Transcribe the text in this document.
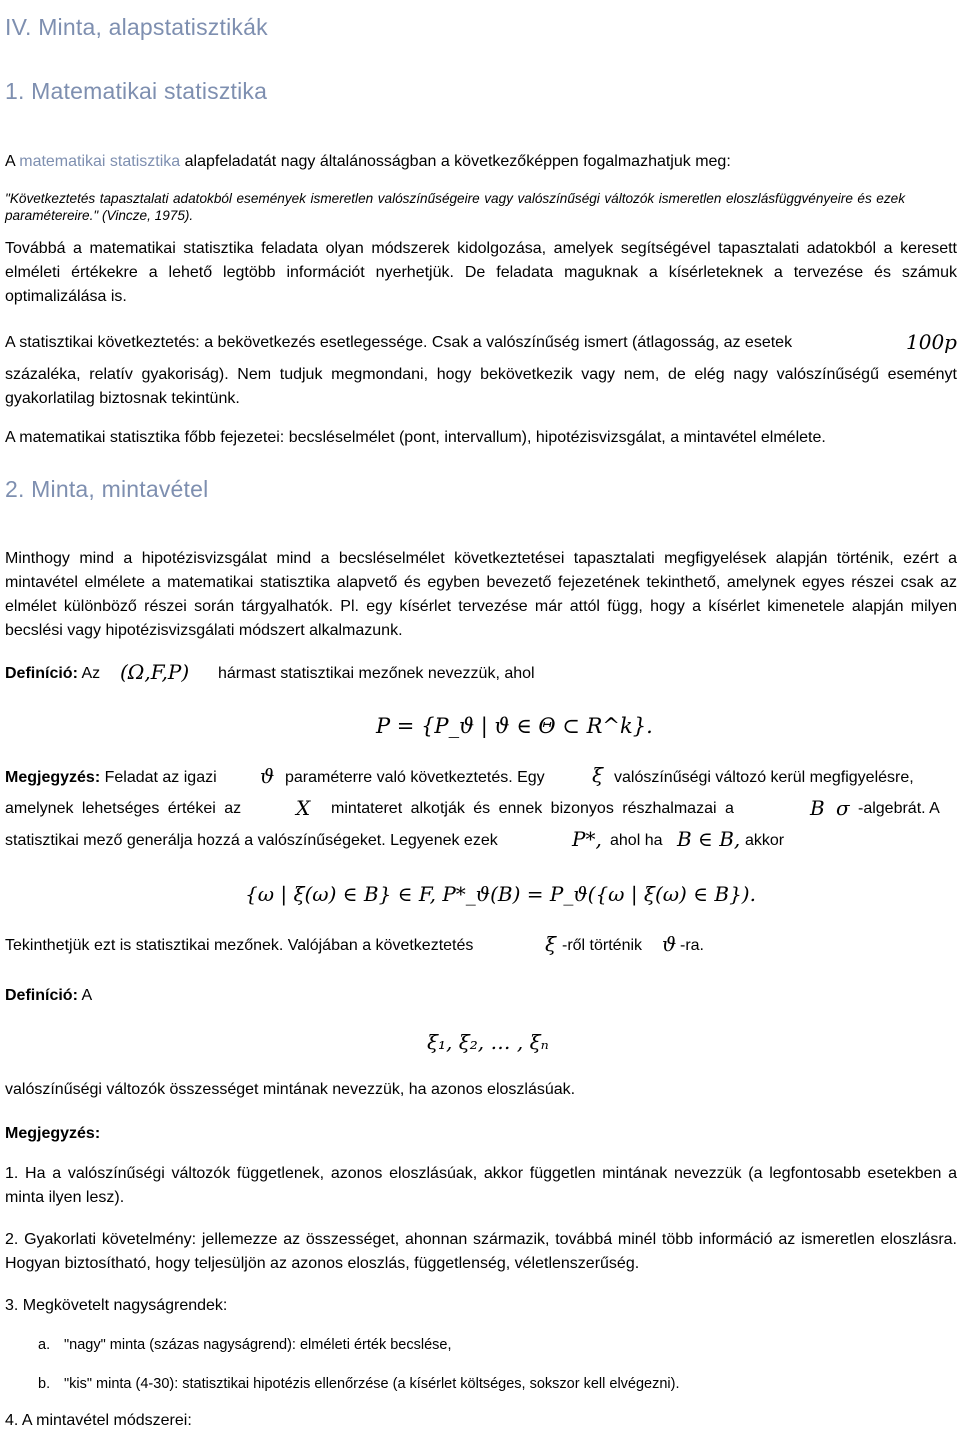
IV. Minta, alapstatisztikák
1. Matematikai statisztika
A matematikai statisztika alapfeladatát nagy általánosságban a következőképpen fogalmazhatjuk meg:
"Következtetés tapasztalati adatokból események ismeretlen valószínűségeire vagy valószínűségi változók ismeretlen eloszlásfüggvényeire és ezek paramétereire." (Vincze, 1975).
Továbbá a matematikai statisztika feladata olyan módszerek kidolgozása, amelyek segítségével tapasztalati adatokból a keresett elméleti értékekre a lehető legtöbb információt nyerhetjük. De feladata maguknak a kísérleteknek a tervezése és számuk optimalizálása is.
A statisztikai következtetés: a bekövetkezés esetlegessége. Csak a valószínűség ismert (átlagosság, az esetek	100p
százaléka, relatív gyakoriság). Nem tudjuk megmondani, hogy bekövetkezik vagy nem, de elég nagy valószínűségű eseményt gyakorlatilag biztosnak tekintünk.
A matematikai statisztika főbb fejezetei: becsléselmélet (pont, intervallum), hipotézisvizsgálat, a mintavétel elmélete.
2. Minta, mintavétel
Minthogy mind a hipotézisvizsgálat mind a becsléselmélet következtetései tapasztalati megfigyelések alapján történik, ezért a mintavétel elmélete a matematikai statisztika alapvető és egyben bevezető fejezetének tekinthető, amelynek egyes részei csak az elmélet különböző részei során tárgyalhatók. Pl. egy kísérlet tervezése már attól függ, hogy a kísérlet kimenetele alapján milyen becslési vagy hipotézisvizsgálati módszert alkalmazunk.
Definíció: Az (Ω,F,P) hármast statisztikai mezőnek nevezzük, ahol
P = {P_ϑ | ϑ ∈ Θ ⊂ R^k}.
Megjegyzés: Feladat az igazi ϑ paraméterre való következtetés. Egy ξ valószínűségi változó kerül megfigyelésre,
amelynek lehetséges értékei az	X mintateret alkotják és ennek bizonyos részhalmazai a	B σ -algebrát. A
statisztikai mező generálja hozzá a valószínűségeket. Legyenek ezek	P*, ahol ha B ∈ B, akkor
{ω | ξ(ω) ∈ B} ∈ F, P*_ϑ(B) = P_ϑ({ω | ξ(ω) ∈ B}).
Tekinthetjük ezt is statisztikai mezőnek. Valójában a következtetés	ξ -ről történik ϑ -ra.
Definíció: A
ξ₁, ξ₂, … , ξₙ
valószínűségi változók összességet mintának nevezzük, ha azonos eloszlásúak.
Megjegyzés:
1. Ha a valószínűségi változók függetlenek, azonos eloszlásúak, akkor független mintának nevezzük (a legfontosabb esetekben a minta ilyen lesz).
2. Gyakorlati követelmény: jellemezze az összességet, ahonnan származik, továbbá minél több információ az ismeretlen eloszlásra. Hogyan biztosítható, hogy teljesüljön az azonos eloszlás, függetlenség, véletlenszerűség.
3. Megkövetelt nagyságrendek:
a. "nagy" minta (százas nagyságrend): elméleti érték becslése,
b. "kis" minta (4-30): statisztikai hipotézis ellenőrzése (a kísérlet költséges, sokszor kell elvégezni).
4. A mintavétel módszerei:
